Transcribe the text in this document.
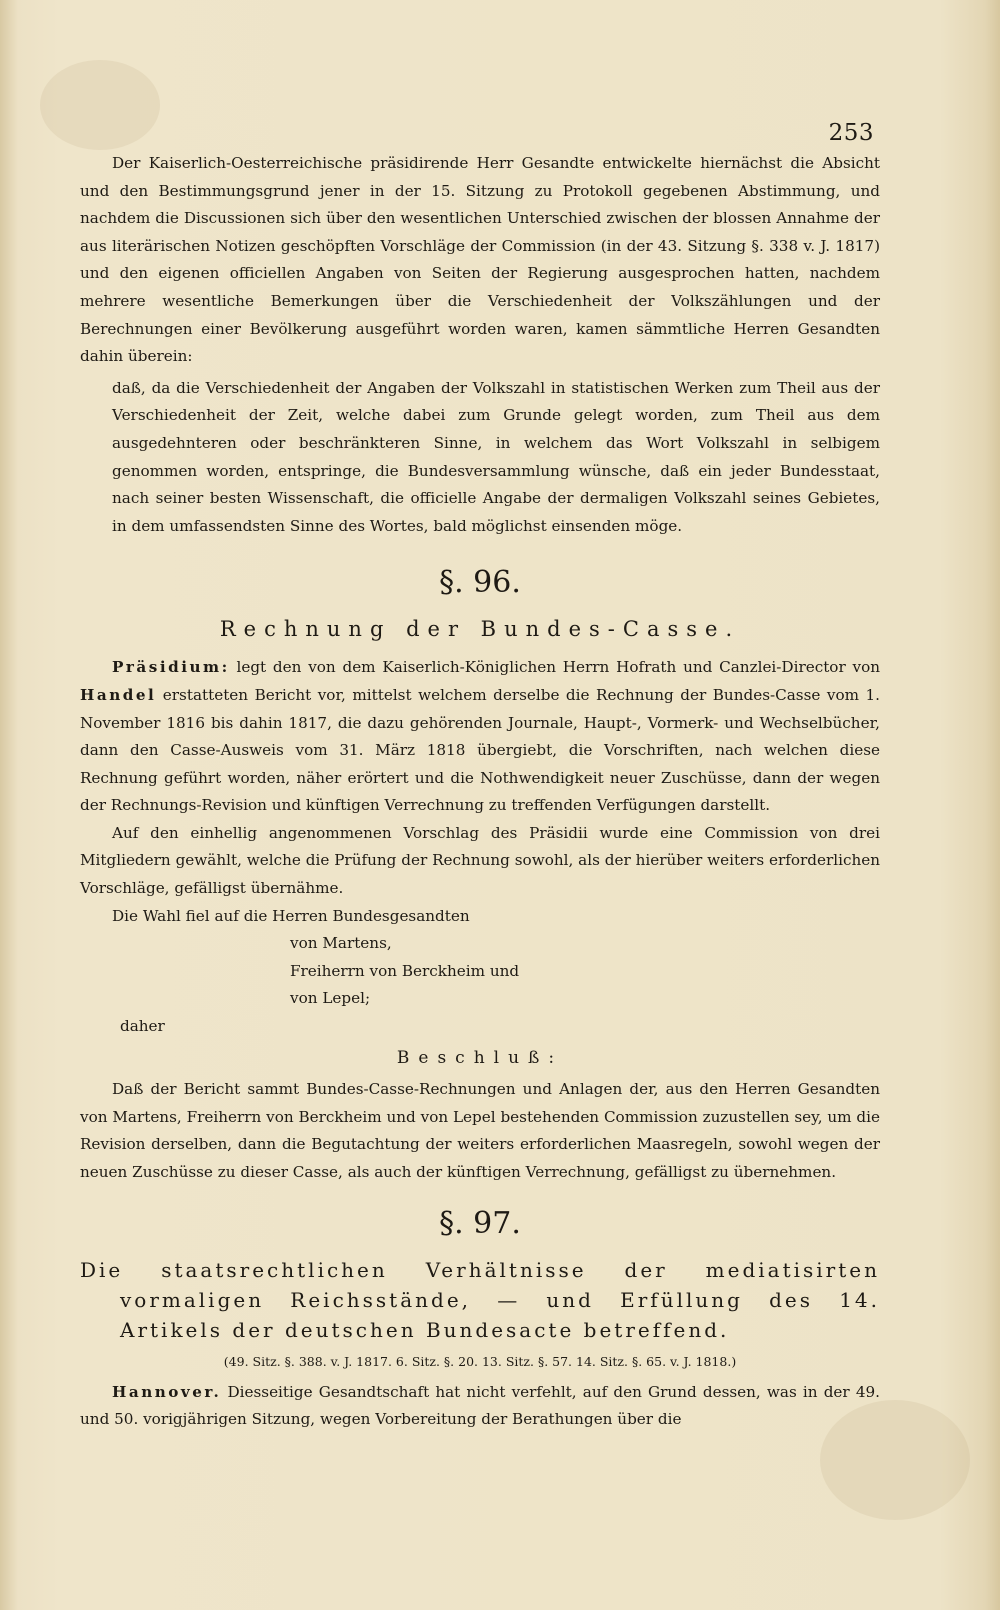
253

Der Kaiserlich-Oesterreichische präsidirende Herr Gesandte entwickelte hiernächst die Absicht und den Bestimmungsgrund jener in der 15. Sitzung zu Protokoll gegebenen Abstimmung, und nachdem die Discussionen sich über den wesentlichen Unterschied zwischen der blossen Annahme der aus literärischen Notizen geschöpften Vorschläge der Commission (in der 43. Sitzung §. 338 v. J. 1817) und den eigenen officiellen Angaben von Seiten der Regierung ausgesprochen hatten, nachdem mehrere wesentliche Bemerkungen über die Verschiedenheit der Volkszählungen und der Berechnungen einer Bevölkerung ausgeführt worden waren, kamen sämmtliche Herren Gesandten dahin überein:

daß, da die Verschiedenheit der Angaben der Volkszahl in statistischen Werken zum Theil aus der Verschiedenheit der Zeit, welche dabei zum Grunde gelegt worden, zum Theil aus dem ausgedehnteren oder beschränkteren Sinne, in welchem das Wort Volkszahl in selbigem genommen worden, entspringe, die Bundesversammlung wünsche, daß ein jeder Bundesstaat, nach seiner besten Wissenschaft, die officielle Angabe der dermaligen Volkszahl seines Gebietes, in dem umfassendsten Sinne des Wortes, bald möglichst einsenden möge.

§. 96.
Rechnung der Bundes-Casse.

Präsidium: legt den von dem Kaiserlich-Königlichen Herrn Hofrath und Canzlei-Director von Handel erstatteten Bericht vor, mittelst welchem derselbe die Rechnung der Bundes-Casse vom 1. November 1816 bis dahin 1817, die dazu gehörenden Journale, Haupt-, Vormerk- und Wechselbücher, dann den Casse-Ausweis vom 31. März 1818 übergiebt, die Vorschriften, nach welchen diese Rechnung geführt worden, näher erörtert und die Nothwendigkeit neuer Zuschüsse, dann der wegen der Rechnungs-Revision und künftigen Verrechnung zu treffenden Verfügungen darstellt.

Auf den einhellig angenommenen Vorschlag des Präsidii wurde eine Commission von drei Mitgliedern gewählt, welche die Prüfung der Rechnung sowohl, als der hierüber weiters erforderlichen Vorschläge, gefälligst übernähme.

Die Wahl fiel auf die Herren Bundesgesandten

von Martens,

Freiherrn von Berckheim und

von Lepel;

daher

Beschluß:

Daß der Bericht sammt Bundes-Casse-Rechnungen und Anlagen der, aus den Herren Gesandten von Martens, Freiherrn von Berckheim und von Lepel bestehenden Commission zuzustellen sey, um die Revision derselben, dann die Begutachtung der weiters erforderlichen Maasregeln, sowohl wegen der neuen Zuschüsse zu dieser Casse, als auch der künftigen Verrechnung, gefälligst zu übernehmen.

§. 97.
Die staatsrechtlichen Verhältnisse der mediatisirten vormaligen Reichsstände, — und Erfüllung des 14. Artikels der deutschen Bundesacte betreffend.
(49. Sitz. §. 388. v. J. 1817. 6. Sitz. §. 20. 13. Sitz. §. 57. 14. Sitz. §. 65. v. J. 1818.)

Hannover. Diesseitige Gesandtschaft hat nicht verfehlt, auf den Grund dessen, was in der 49. und 50. vorigjährigen Sitzung, wegen Vorbereitung der Berathungen über die
